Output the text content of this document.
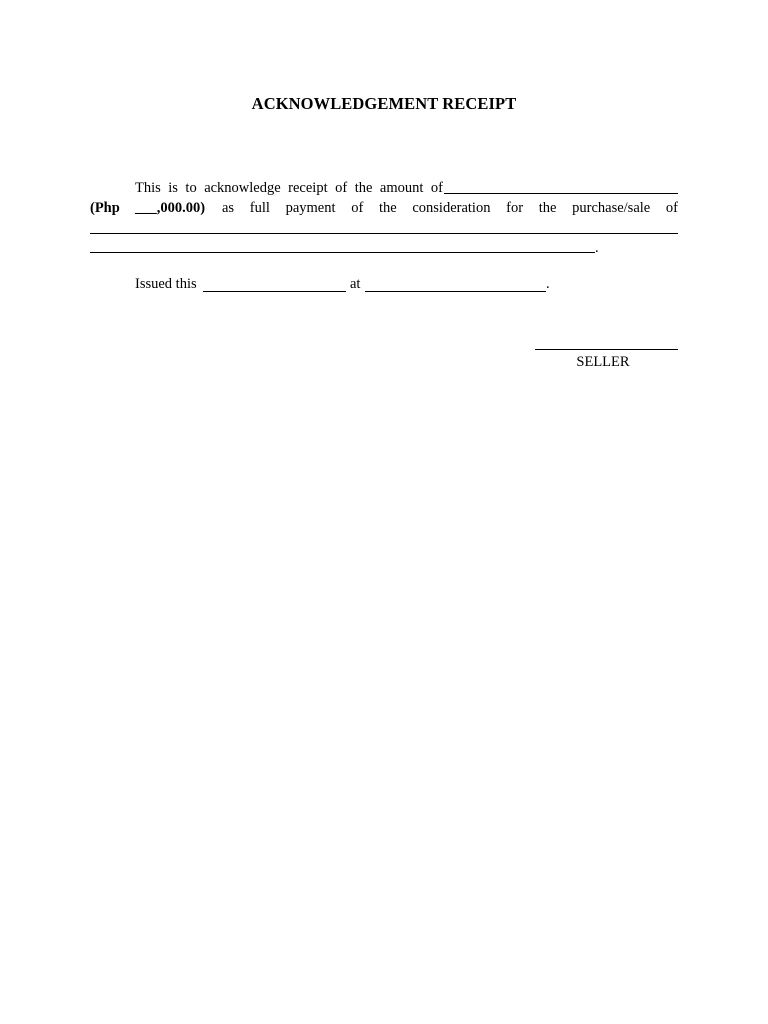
ACKNOWLEDGEMENT RECEIPT
This is to acknowledge receipt of the amount of
(Php ___,000.00) as full payment of the consideration for the purchase/sale of
.
Issued this	at	.
SELLER
